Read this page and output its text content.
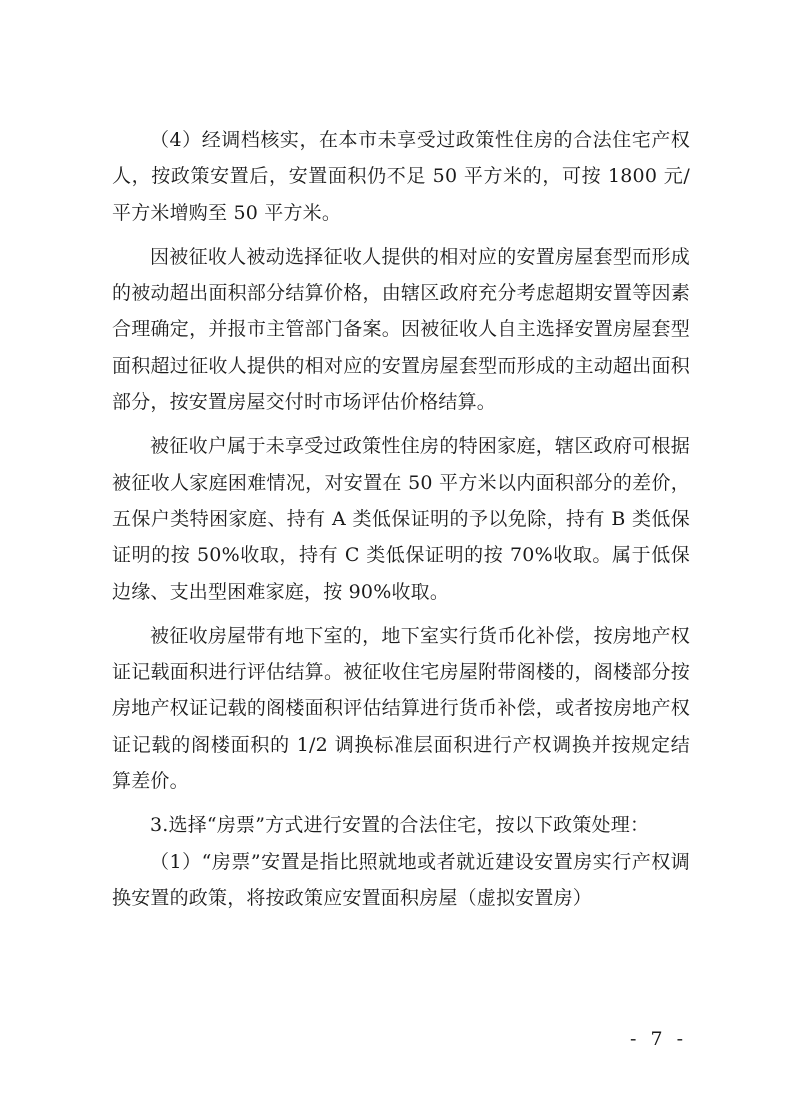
（4）经调档核实，在本市未享受过政策性住房的合法住宅产权人，按政策安置后，安置面积仍不足 50 平方米的，可按 1800 元/平方米增购至 50 平方米。

因被征收人被动选择征收人提供的相对应的安置房屋套型而形成的被动超出面积部分结算价格，由辖区政府充分考虑超期安置等因素合理确定，并报市主管部门备案。因被征收人自主选择安置房屋套型面积超过征收人提供的相对应的安置房屋套型而形成的主动超出面积部分，按安置房屋交付时市场评估价格结算。

被征收户属于未享受过政策性住房的特困家庭，辖区政府可根据被征收人家庭困难情况，对安置在 50 平方米以内面积部分的差价，五保户类特困家庭、持有 A 类低保证明的予以免除，持有 B 类低保证明的按 50%收取，持有 C 类低保证明的按 70%收取。属于低保边缘、支出型困难家庭，按 90%收取。

被征收房屋带有地下室的，地下室实行货币化补偿，按房地产权证记载面积进行评估结算。被征收住宅房屋附带阁楼的，阁楼部分按房地产权证记载的阁楼面积评估结算进行货币补偿，或者按房地产权证记载的阁楼面积的 1/2 调换标准层面积进行产权调换并按规定结算差价。

3.选择“房票”方式进行安置的合法住宅，按以下政策处理：

（1）“房票”安置是指比照就地或者就近建设安置房实行产权调换安置的政策，将按政策应安置面积房屋（虚拟安置房）

- 7 -
